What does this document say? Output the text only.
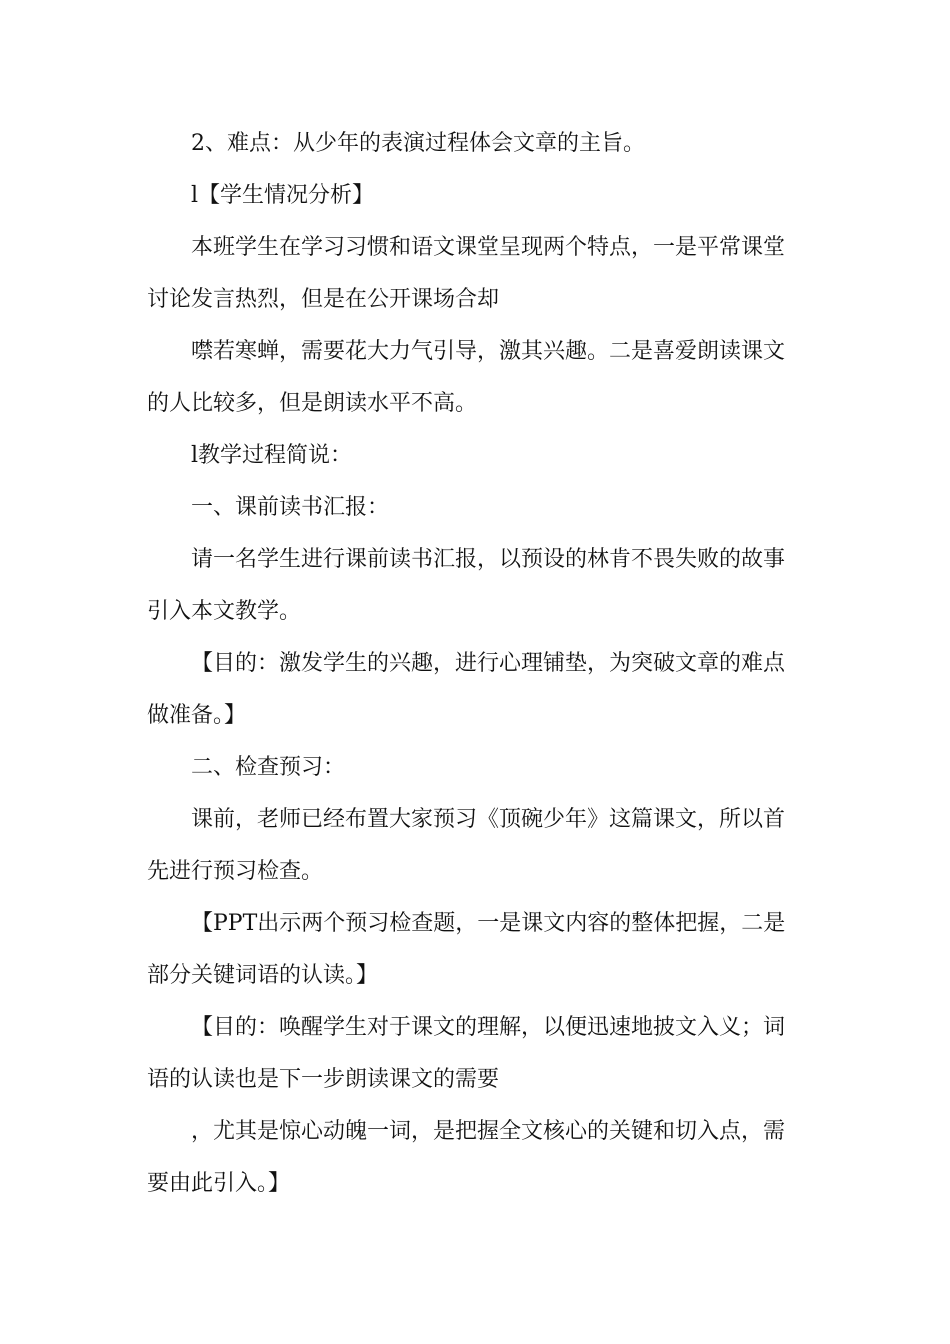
2、难点：从少年的表演过程体会文章的主旨。

l【学生情况分析】

本班学生在学习习惯和语文课堂呈现两个特点，一是平常课堂
讨论发言热烈，但是在公开课场合却

噤若寒蝉，需要花大力气引导，激其兴趣。二是喜爱朗读课文
的人比较多，但是朗读水平不高。

l教学过程简说：

一、课前读书汇报：

请一名学生进行课前读书汇报，以预设的林肯不畏失败的故事
引入本文教学。

【目的：激发学生的兴趣，进行心理铺垫，为突破文章的难点
做准备。】

二、检查预习：

课前，老师已经布置大家预习《顶碗少年》这篇课文，所以首
先进行预习检查。

【PPT出示两个预习检查题，一是课文内容的整体把握，二是
部分关键词语的认读。】

【目的：唤醒学生对于课文的理解，以便迅速地披文入义；词
语的认读也是下一步朗读课文的需要

，尤其是惊心动魄一词，是把握全文核心的关键和切入点，需
要由此引入。】
